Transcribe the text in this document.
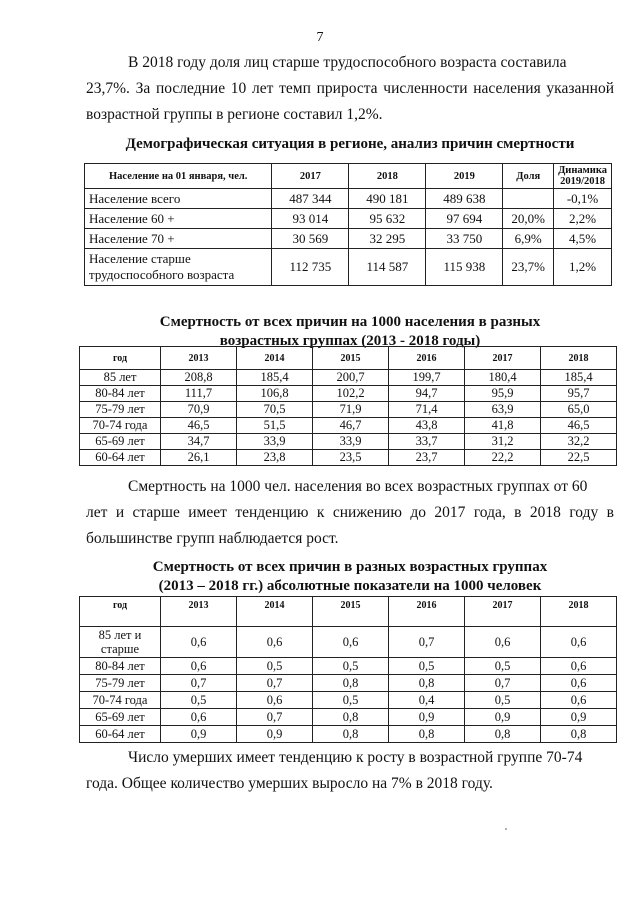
7
В 2018 году доля лиц старше трудоспособного возраста составила
23,7%. За последние 10 лет темп прироста численности населения указанной возрастной группы в регионе составил 1,2%.
Демографическая ситуация в регионе, анализ причин смертности
Население на 01 января, чел.	2017	2018	2019	Доля	Динамика 2019/2018
Население всего	487 344	490 181	489 638		-0,1%
Население 60 +	93 014	95 632	97 694	20,0%	2,2%
Население 70 +	30 569	32 295	33 750	6,9%	4,5%
Население старше трудоспособного возраста	112 735	114 587	115 938	23,7%	1,2%
Смертность от всех причин на 1000 населения в разных
возрастных группах (2013 - 2018 годы)
год	2013	2014	2015	2016	2017	2018
85 лет	208,8	185,4	200,7	199,7	180,4	185,4
80-84 лет	111,7	106,8	102,2	94,7	95,9	95,7
75-79 лет	70,9	70,5	71,9	71,4	63,9	65,0
70-74 года	46,5	51,5	46,7	43,8	41,8	46,5
65-69 лет	34,7	33,9	33,9	33,7	31,2	32,2
60-64 лет	26,1	23,8	23,5	23,7	22,2	22,5
Смертность на 1000 чел. населения во всех возрастных группах от 60
лет и старше имеет тенденцию к снижению до 2017 года, в 2018 году в большинстве групп наблюдается рост.
Смертность от всех причин в разных возрастных группах
(2013 – 2018 гг.) абсолютные показатели на 1000 человек
год	2013	2014	2015	2016	2017	2018
85 лет и старше	0,6	0,6	0,6	0,7	0,6	0,6
80-84 лет	0,6	0,5	0,5	0,5	0,5	0,6
75-79 лет	0,7	0,7	0,8	0,8	0,7	0,6
70-74 года	0,5	0,6	0,5	0,4	0,5	0,6
65-69 лет	0,6	0,7	0,8	0,9	0,9	0,9
60-64 лет	0,9	0,9	0,8	0,8	0,8	0,8
Число умерших имеет тенденцию к росту в возрастной группе 70-74
года. Общее количество умерших выросло на 7% в 2018 году.
